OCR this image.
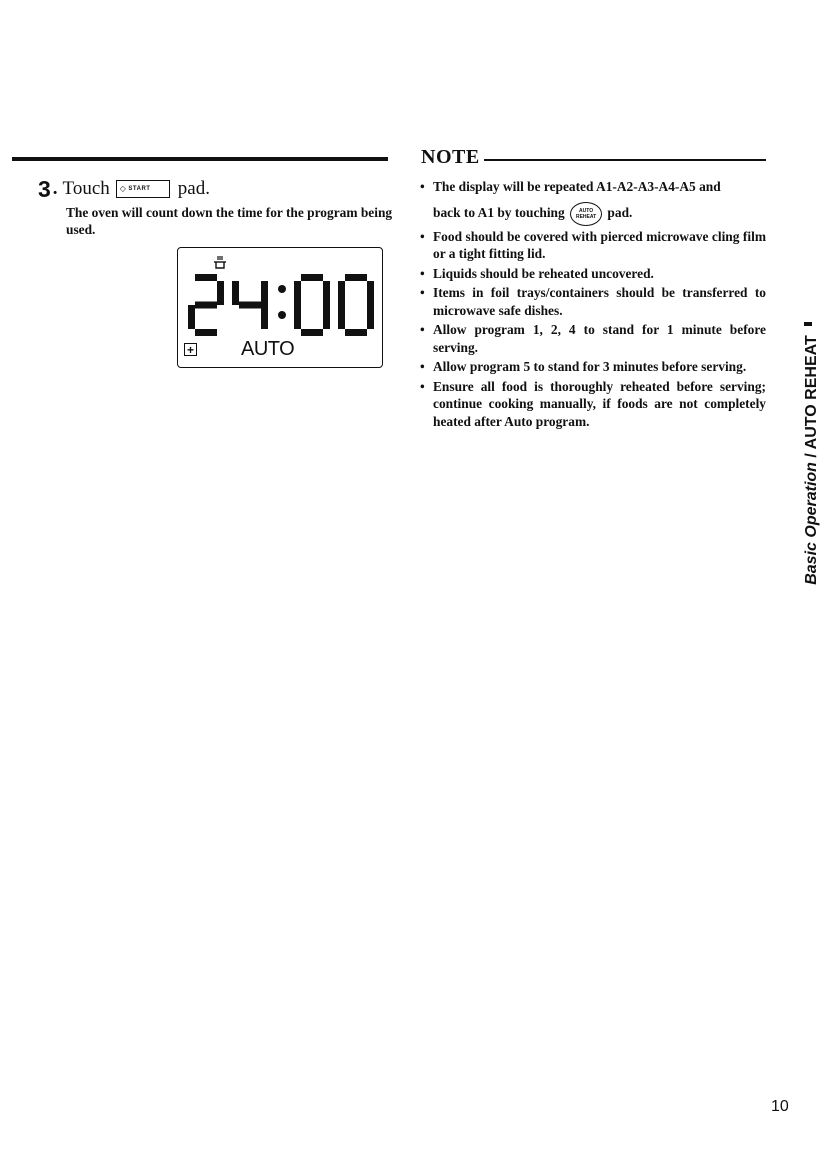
3 . Touch ◇ START pad.
The oven will count down the time for the program being used.
+ AUTO
NOTE
• The display will be repeated A1-A2-A3-A4-A5 and
back to A1 by touching	AUTO REHEAT pad.
• Food should be covered with pierced microwave cling film or a tight fitting lid.
• Liquids should be reheated uncovered.
• Items in foil trays/containers should be transferred to microwave safe dishes.
• Allow program 1, 2, 4 to stand for 1 minute before serving.
• Allow program 5 to stand for 3 minutes before serving.
• Ensure all food is thoroughly reheated before serving; continue cooking manually, if foods are not completely heated after Auto program.
Basic Operation / AUTO REHEAT
10
